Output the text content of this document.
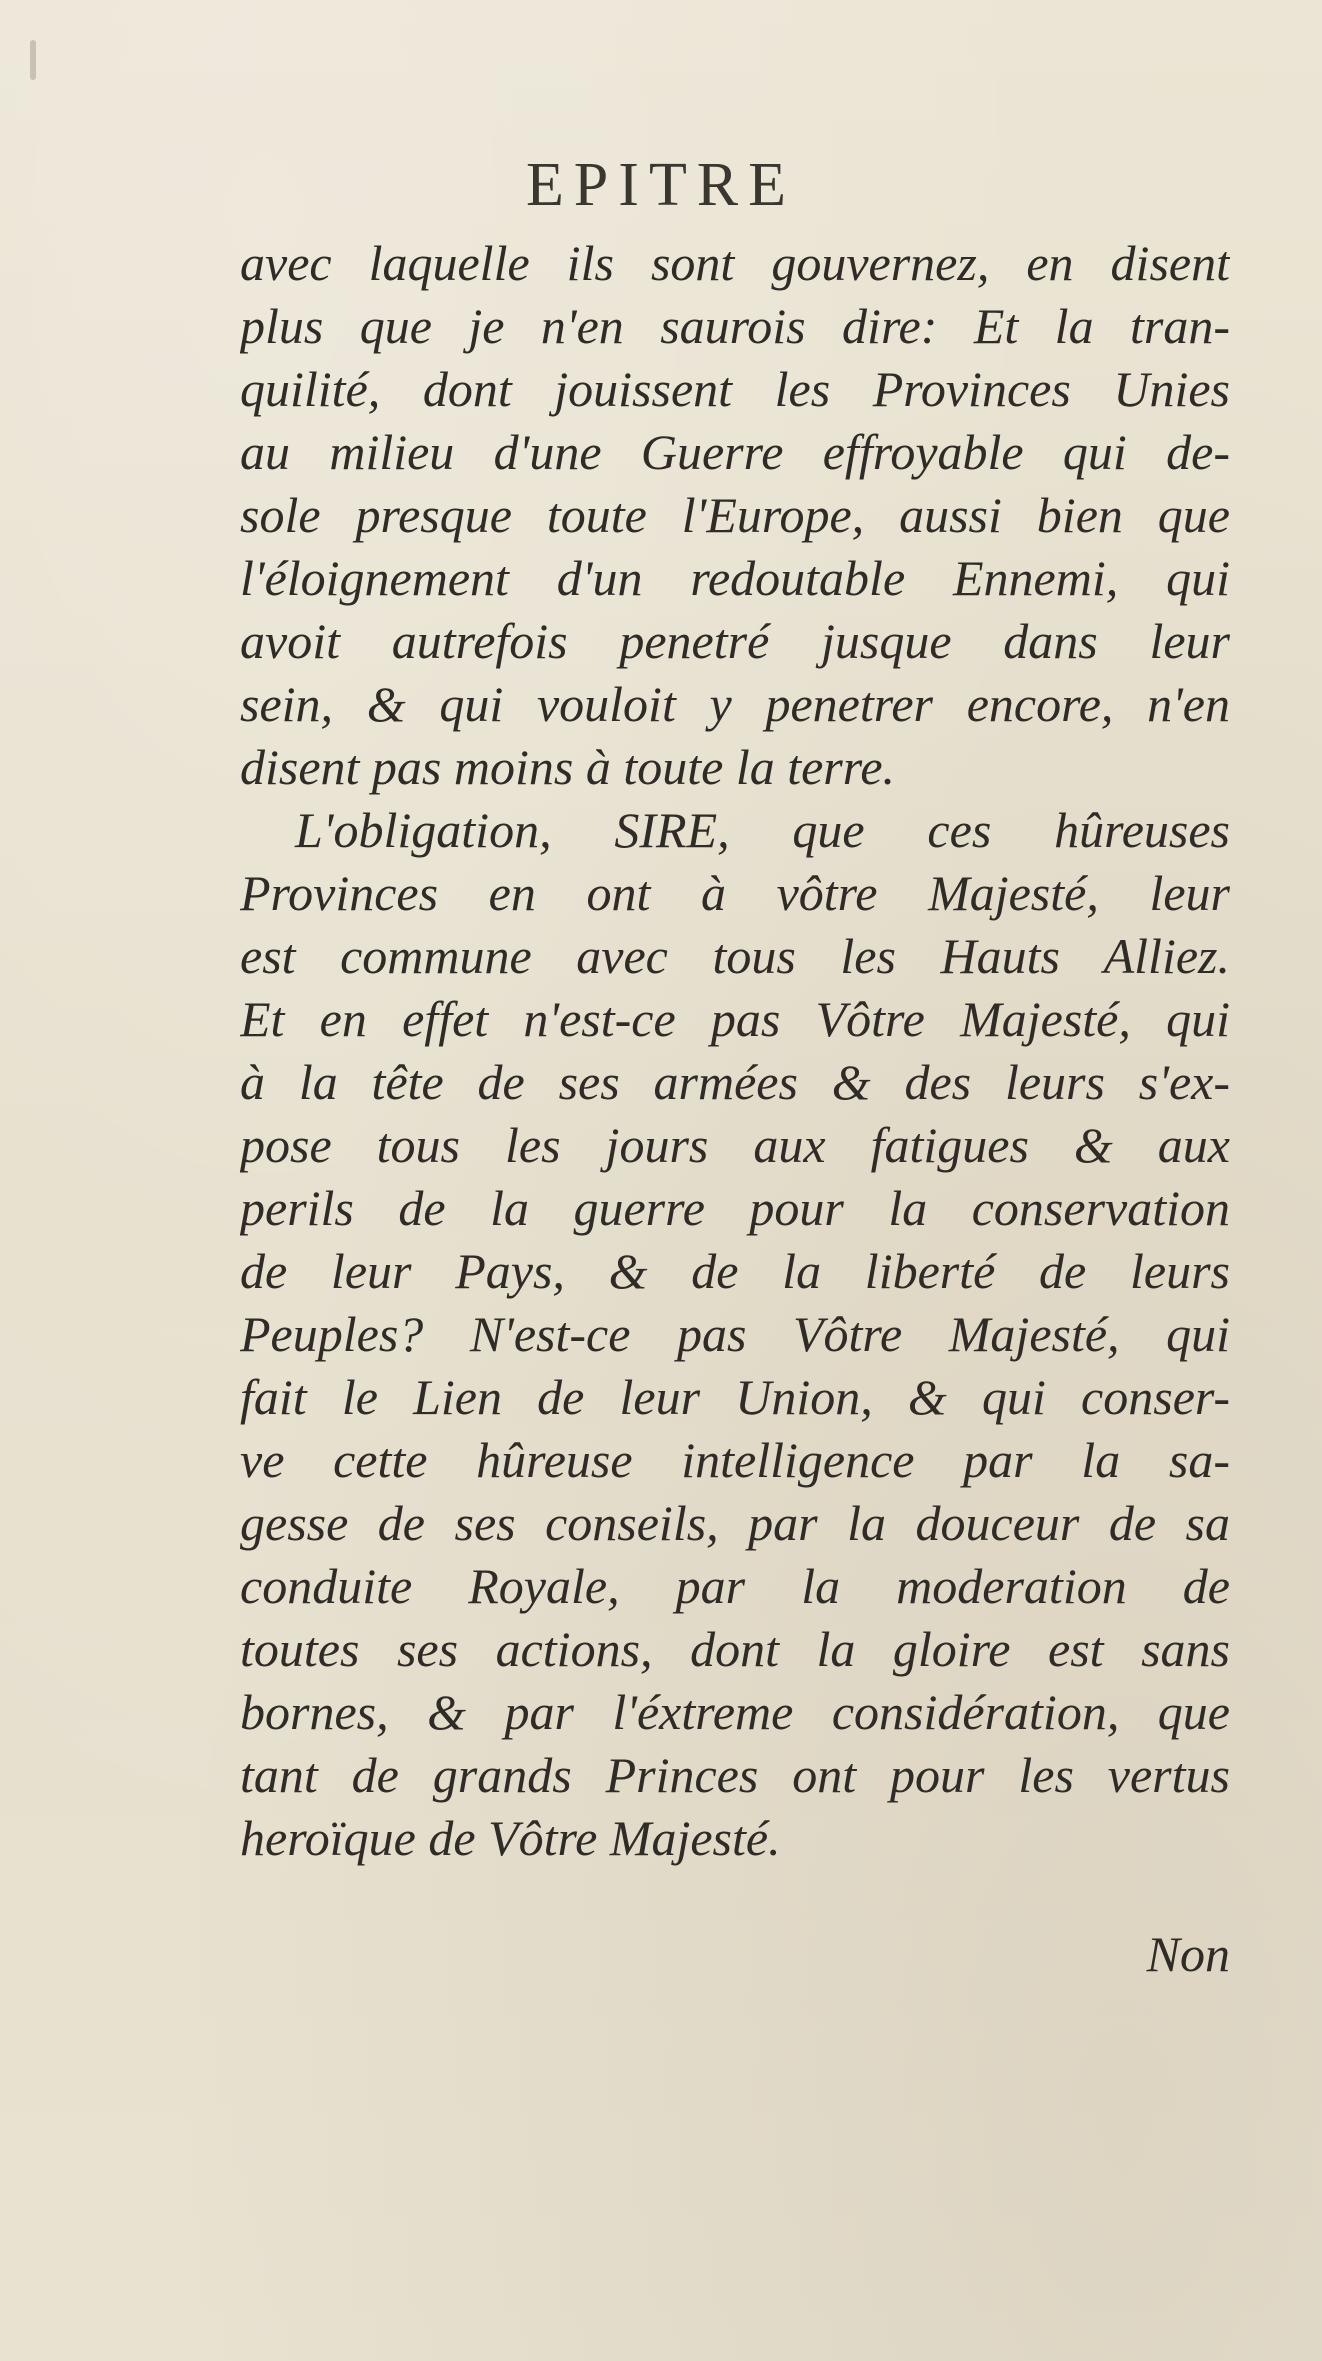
EPITRE
avec laquelle ils sont gouvernez, en disent
plus que je n'en saurois dire: Et la tran-
quilité, dont jouissent les Provinces Unies
au milieu d'une Guerre effroyable qui de-
sole presque toute l'Europe, aussi bien que
l'éloignement d'un redoutable Ennemi, qui
avoit autrefois penetré jusque dans leur
sein, & qui vouloit y penetrer encore, n'en
disent pas moins à toute la terre.
L'obligation, SIRE, que ces hûreuses
Provinces en ont à vôtre Majesté, leur
est commune avec tous les Hauts Alliez.
Et en effet n'est-ce pas Vôtre Majesté, qui
à la tête de ses armées & des leurs s'ex-
pose tous les jours aux fatigues & aux
perils de la guerre pour la conservation
de leur Pays, & de la liberté de leurs
Peuples? N'est-ce pas Vôtre Majesté, qui
fait le Lien de leur Union, & qui conser-
ve cette hûreuse intelligence par la sa-
gesse de ses conseils, par la douceur de sa
conduite Royale, par la moderation de
toutes ses actions, dont la gloire est sans
bornes, & par l'éxtreme considération, que
tant de grands Princes ont pour les vertus
heroïque de Vôtre Majesté.
Non
